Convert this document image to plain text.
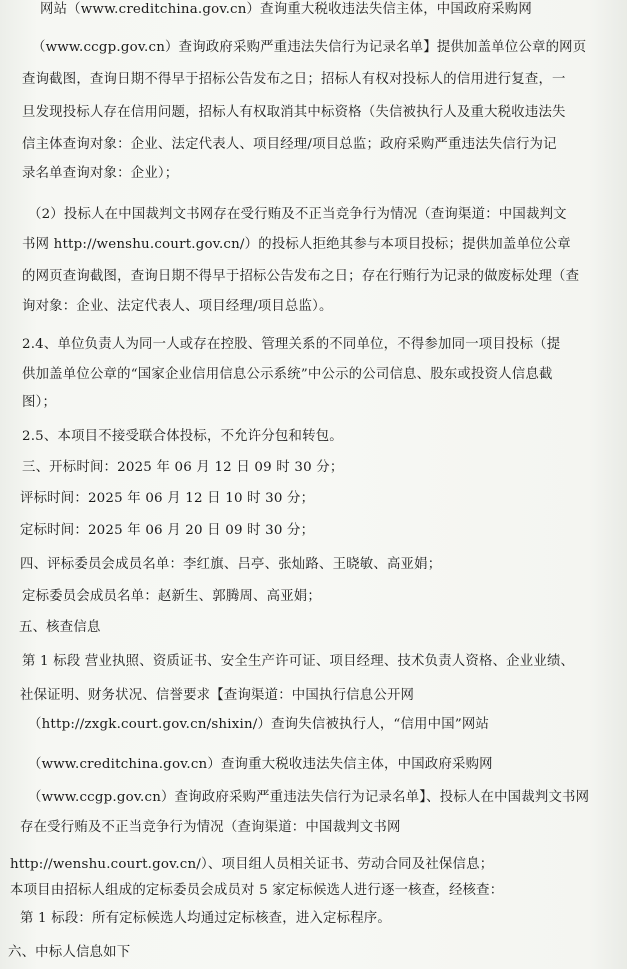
网站（www.creditchina.gov.cn）查询重大税收违法失信主体，中国政府采购网
（www.ccgp.gov.cn）查询政府采购严重违法失信行为记录名单】提供加盖单位公章的网页
查询截图，查询日期不得早于招标公告发布之日；招标人有权对投标人的信用进行复查，一
旦发现投标人存在信用问题，招标人有权取消其中标资格（失信被执行人及重大税收违法失
信主体查询对象：企业、法定代表人、项目经理/项目总监；政府采购严重违法失信行为记
录名单查询对象：企业）；
（2）投标人在中国裁判文书网存在受行贿及不正当竞争行为情况（查询渠道：中国裁判文
书网 http://wenshu.court.gov.cn/）的投标人拒绝其参与本项目投标；提供加盖单位公章
的网页查询截图，查询日期不得早于招标公告发布之日；存在行贿行为记录的做废标处理（查
询对象：企业、法定代表人、项目经理/项目总监）。
2.4、单位负责人为同一人或存在控股、管理关系的不同单位，不得参加同一项目投标（提
供加盖单位公章的“国家企业信用信息公示系统”中公示的公司信息、股东或投资人信息截
图）；
2.5、本项目不接受联合体投标，不允许分包和转包。
三、开标时间：2025 年 06 月 12 日 09 时 30 分；
评标时间：2025 年 06 月 12 日 10 时 30 分；
定标时间：2025 年 06 月 20 日 09 时 30 分；
四、评标委员会成员名单：李红旗、吕亭、张灿路、王晓敏、高亚娟；
定标委员会成员名单：赵新生、郭腾周、高亚娟；
五、核查信息
第 1 标段 营业执照、资质证书、安全生产许可证、项目经理、技术负责人资格、企业业绩、
社保证明、财务状况、信誉要求【查询渠道：中国执行信息公开网
（http://zxgk.court.gov.cn/shixin/）查询失信被执行人，“信用中国”网站
（www.creditchina.gov.cn）查询重大税收违法失信主体，中国政府采购网
（www.ccgp.gov.cn）查询政府采购严重违法失信行为记录名单】、投标人在中国裁判文书网
存在受行贿及不正当竞争行为情况（查询渠道：中国裁判文书网
http://wenshu.court.gov.cn/）、项目组人员相关证书、劳动合同及社保信息；
本项目由招标人组成的定标委员会成员对 5 家定标候选人进行逐一核查，经核查：
第 1 标段：所有定标候选人均通过定标核查，进入定标程序。
六、中标人信息如下
